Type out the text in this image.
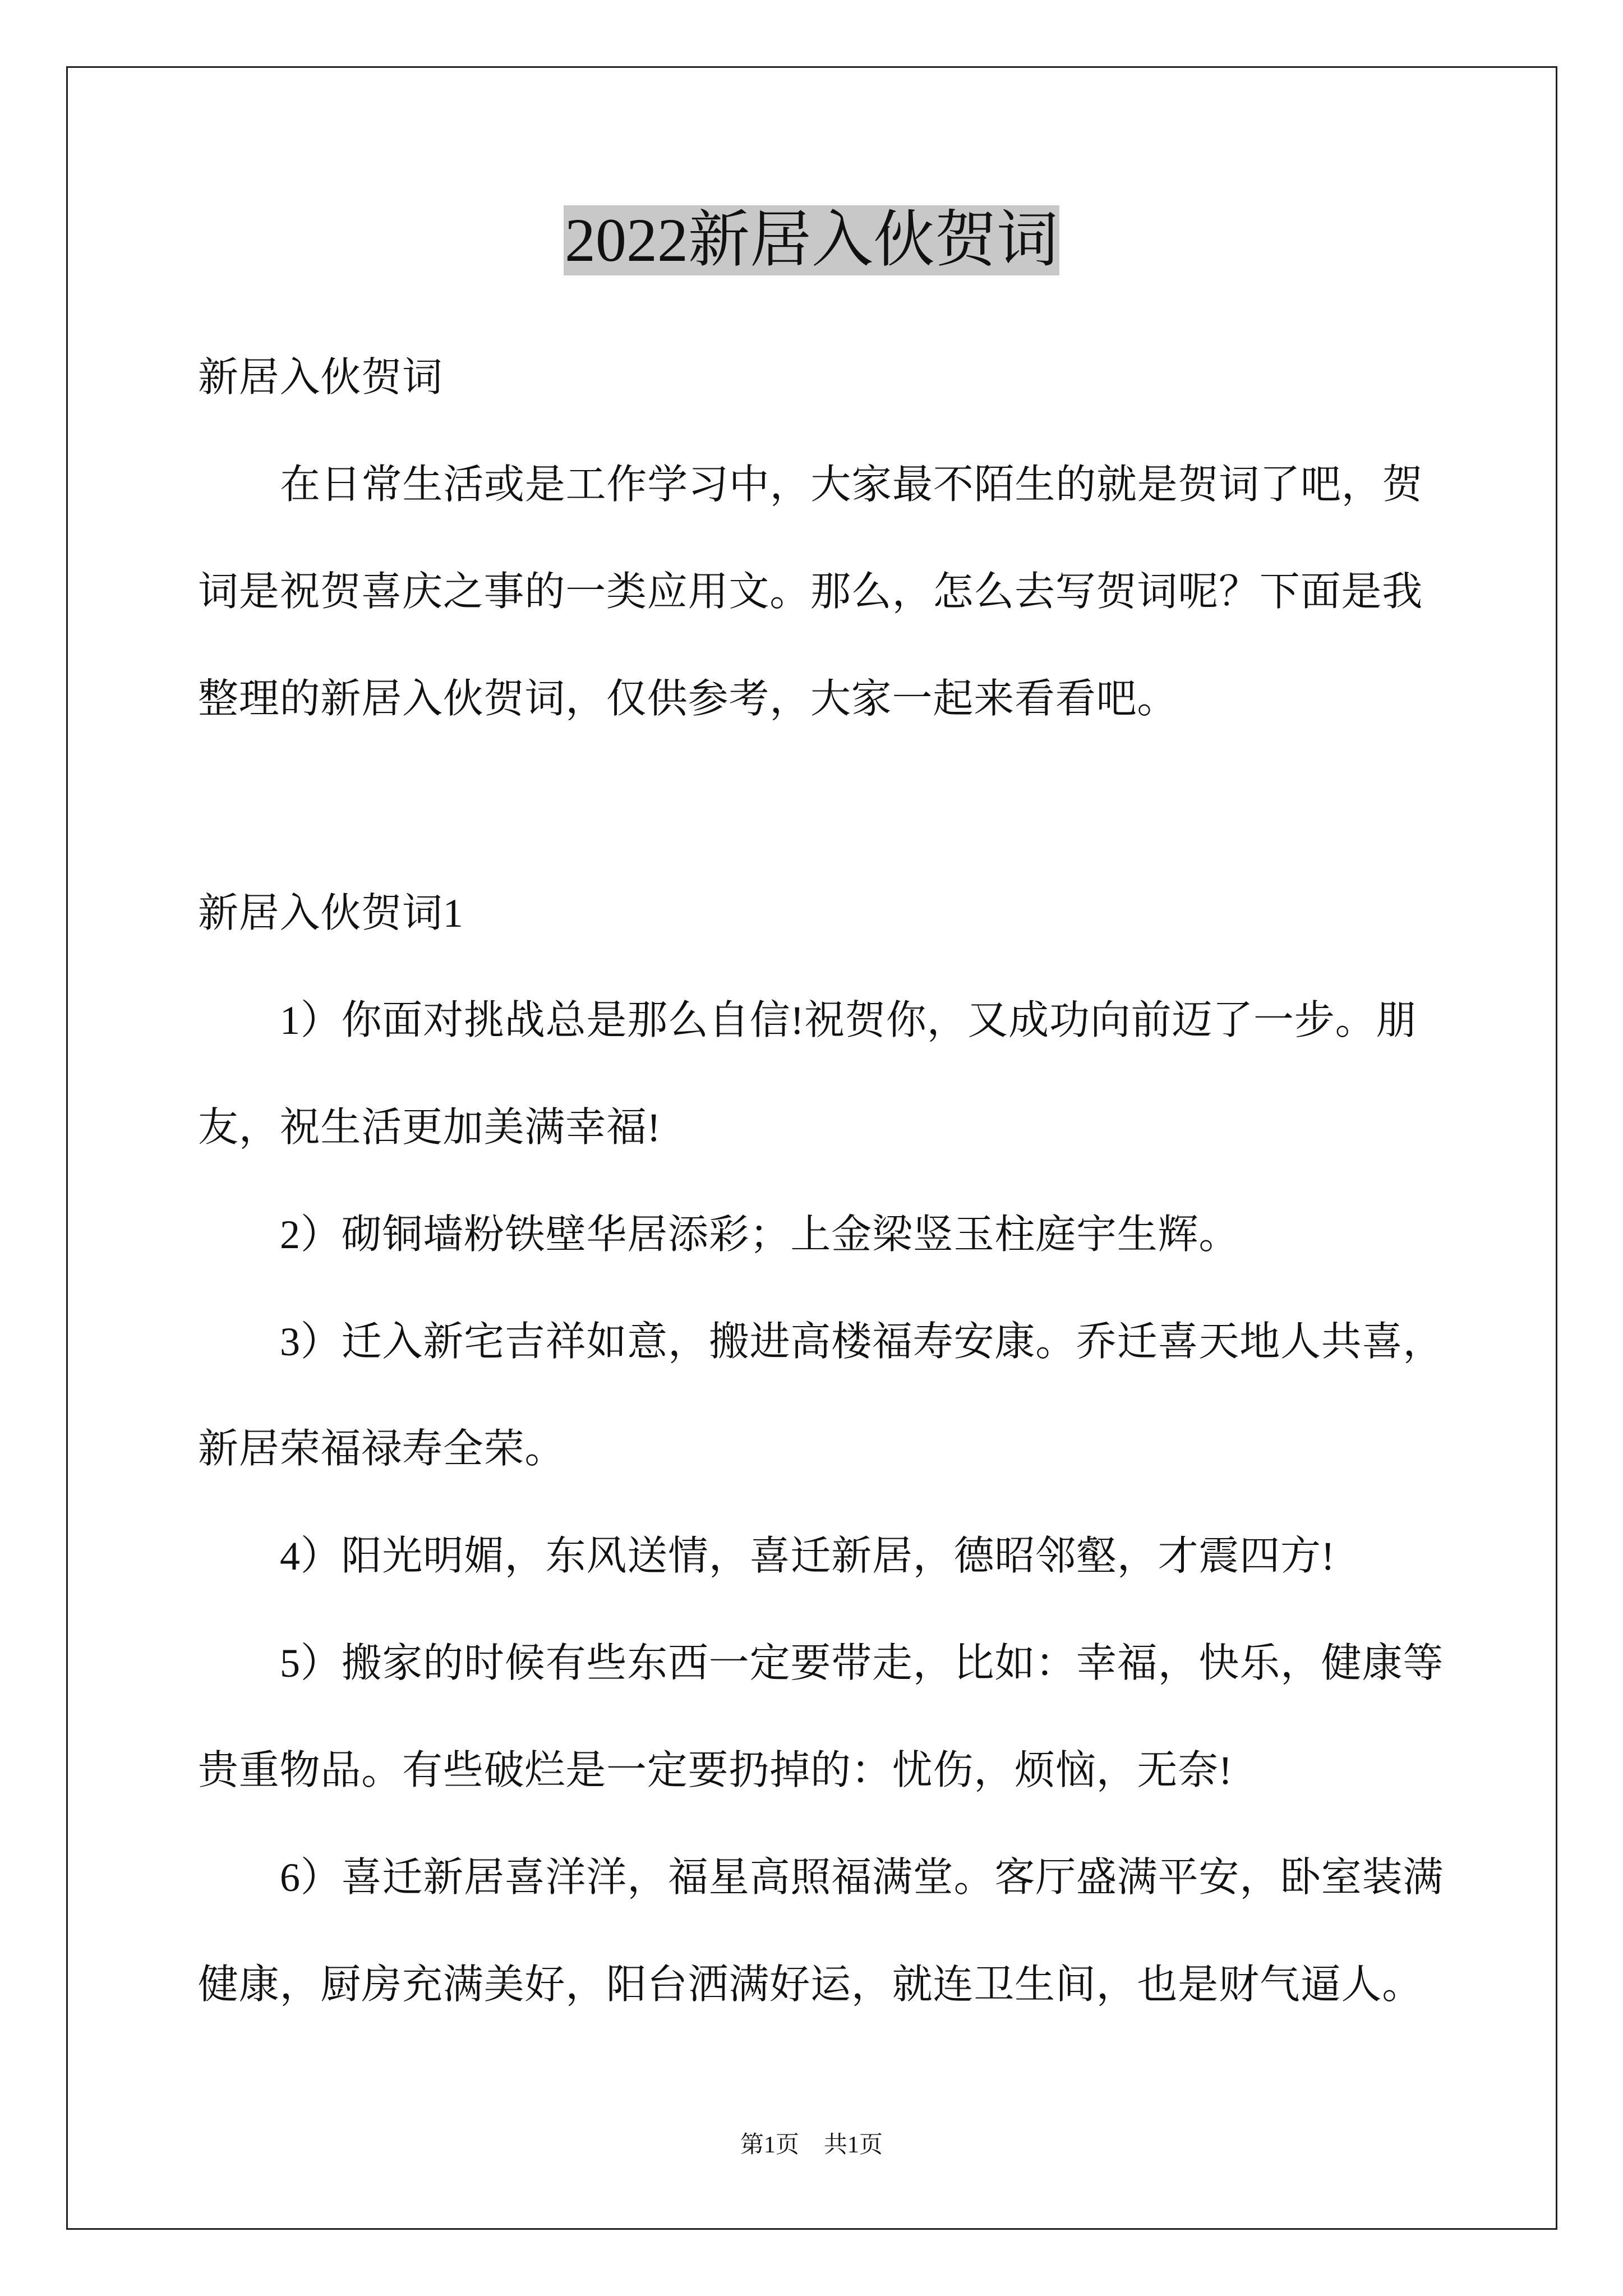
2022新居入伙贺词
新居入伙贺词
在日常生活或是工作学习中，大家最不陌生的就是贺词了吧，贺
词是祝贺喜庆之事的一类应用文。那么，怎么去写贺词呢？下面是我
整理的新居入伙贺词，仅供参考，大家一起来看看吧。
新居入伙贺词1
1）你面对挑战总是那么自信!祝贺你，又成功向前迈了一步。朋
友，祝生活更加美满幸福!
2）砌铜墙粉铁壁华居添彩；上金梁竖玉柱庭宇生辉。
3）迁入新宅吉祥如意，搬进高楼福寿安康。乔迁喜天地人共喜，
新居荣福禄寿全荣。
4）阳光明媚，东风送情，喜迁新居，德昭邻壑，才震四方!
5）搬家的时候有些东西一定要带走，比如：幸福，快乐，健康等
贵重物品。有些破烂是一定要扔掉的：忧伤，烦恼，无奈!
6）喜迁新居喜洋洋，福星高照福满堂。客厅盛满平安，卧室装满
健康，厨房充满美好，阳台洒满好运，就连卫生间，也是财气逼人。
第1页 共1页
